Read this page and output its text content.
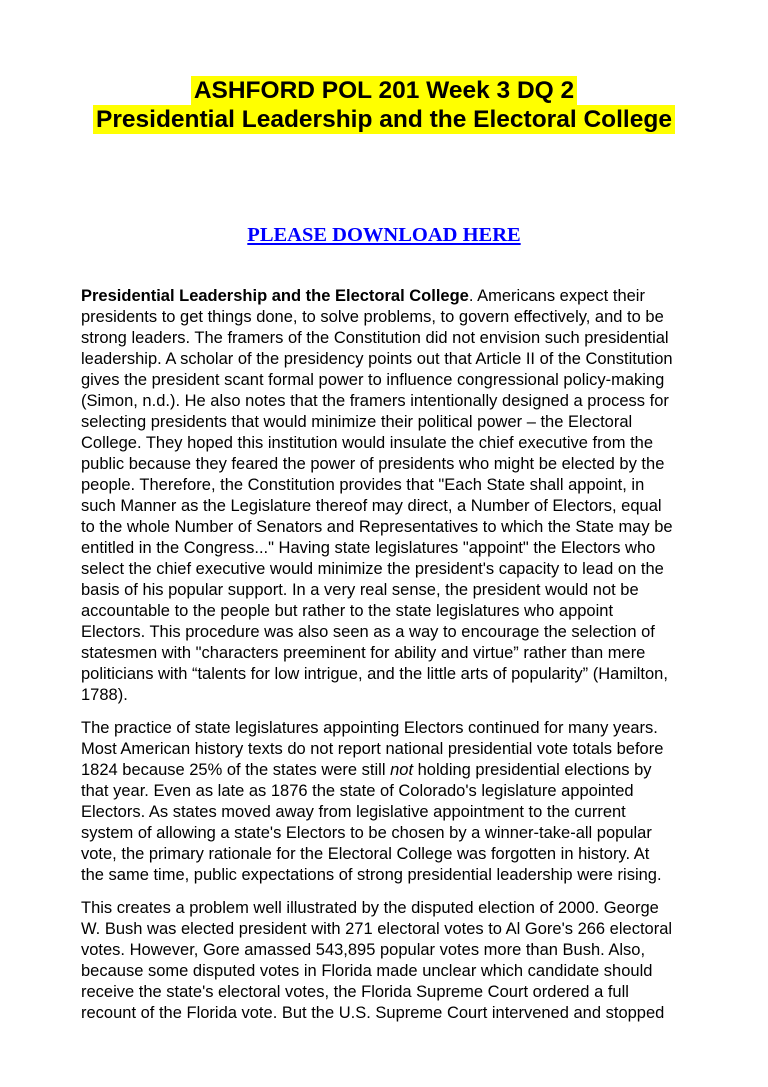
ASHFORD POL 201 Week 3 DQ 2
Presidential Leadership and the Electoral College
PLEASE DOWNLOAD HERE

Presidential Leadership and the Electoral College. Americans expect their
presidents to get things done, to solve problems, to govern effectively, and to be
strong leaders. The framers of the Constitution did not envision such presidential
leadership. A scholar of the presidency points out that Article II of the Constitution
gives the president scant formal power to influence congressional policy-making
(Simon, n.d.). He also notes that the framers intentionally designed a process for
selecting presidents that would minimize their political power – the Electoral
College. They hoped this institution would insulate the chief executive from the
public because they feared the power of presidents who might be elected by the
people. Therefore, the Constitution provides that "Each State shall appoint, in
such Manner as the Legislature thereof may direct, a Number of Electors, equal
to the whole Number of Senators and Representatives to which the State may be
entitled in the Congress..." Having state legislatures "appoint" the Electors who
select the chief executive would minimize the president's capacity to lead on the
basis of his popular support. In a very real sense, the president would not be
accountable to the people but rather to the state legislatures who appoint
Electors. This procedure was also seen as a way to encourage the selection of
statesmen with "characters preeminent for ability and virtue” rather than mere
politicians with “talents for low intrigue, and the little arts of popularity” (Hamilton,
1788).

The practice of state legislatures appointing Electors continued for many years.
Most American history texts do not report national presidential vote totals before
1824 because 25% of the states were still not holding presidential elections by
that year. Even as late as 1876 the state of Colorado's legislature appointed
Electors. As states moved away from legislative appointment to the current
system of allowing a state's Electors to be chosen by a winner-take-all popular
vote, the primary rationale for the Electoral College was forgotten in history. At
the same time, public expectations of strong presidential leadership were rising.

This creates a problem well illustrated by the disputed election of 2000. George
W. Bush was elected president with 271 electoral votes to Al Gore's 266 electoral
votes. However, Gore amassed 543,895 popular votes more than Bush. Also,
because some disputed votes in Florida made unclear which candidate should
receive the state's electoral votes, the Florida Supreme Court ordered a full
recount of the Florida vote. But the U.S. Supreme Court intervened and stopped
